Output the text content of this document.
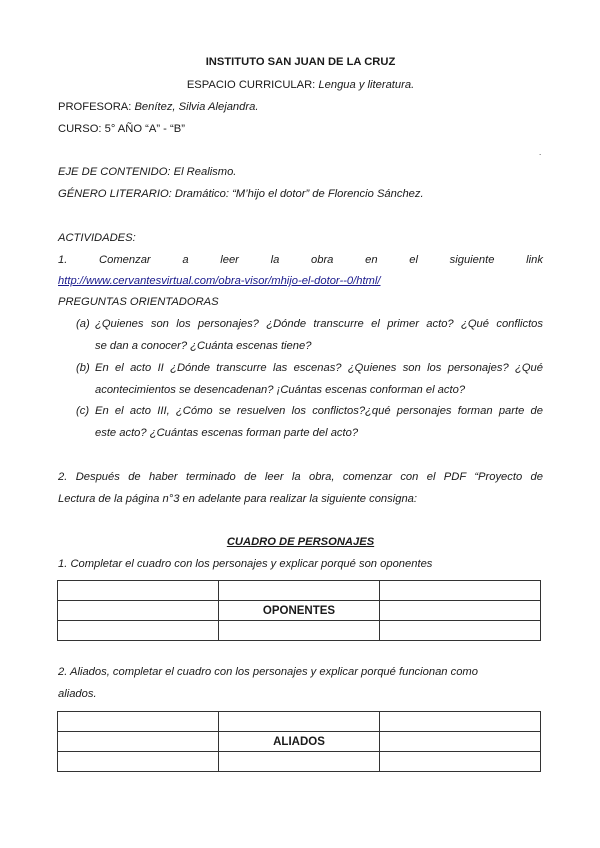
INSTITUTO SAN JUAN DE LA CRUZ
ESPACIO CURRICULAR: Lengua y literatura.
PROFESORA: Benítez, Silvia Alejandra.
CURSO: 5° AÑO “A” - “B”
.
EJE DE CONTENIDO: El Realismo.
GÉNERO LITERARIO: Dramático: “M’hijo el dotor” de Florencio Sánchez.
ACTIVIDADES:
1.	Comenzar	a	leer	la	obra	en	el	siguiente	link
http://www.cervantesvirtual.com/obra-visor/mhijo-el-dotor--0/html/
PREGUNTAS ORIENTADORAS
(a) ¿Quienes son los personajes? ¿Dónde transcurre el primer acto? ¿Qué conflictos
se dan a conocer? ¿Cuánta escenas tiene?
(b) En el acto II ¿Dónde transcurre las escenas? ¿Quienes son los personajes? ¿Qué
acontecimientos se desencadenan? ¡Cuántas escenas conforman el acto?
(c) En el acto III, ¿Cómo se resuelven los conflictos?¿qué personajes forman parte de
este acto? ¿Cuántas escenas forman parte del acto?
2. Después de haber terminado de leer la obra, comenzar con el PDF “Proyecto de
Lectura de la página n°3 en adelante para realizar la siguiente consigna:
CUADRO DE PERSONAJES
1. Completar el cuadro con los personajes y explicar porqué son oponentes

	OPONENTES	

2. Aliados, completar el cuadro con los personajes y explicar porqué funcionan como
aliados.

	ALIADOS	
